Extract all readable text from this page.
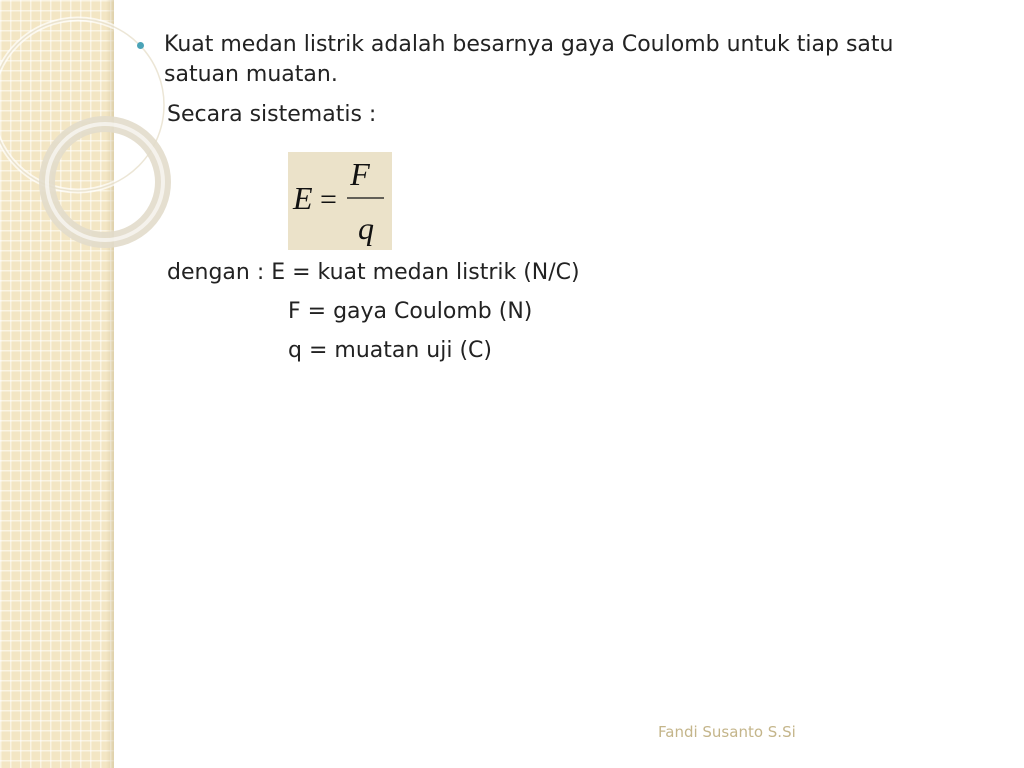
Kuat medan listrik adalah besarnya gaya Coulomb untuk tiap satu satuan muatan.

Secara sistematis :

E =
F
q

dengan : E = kuat medan listrik (N/C)

F = gaya Coulomb (N)

q = muatan uji (C)

Fandi Susanto S.Si
